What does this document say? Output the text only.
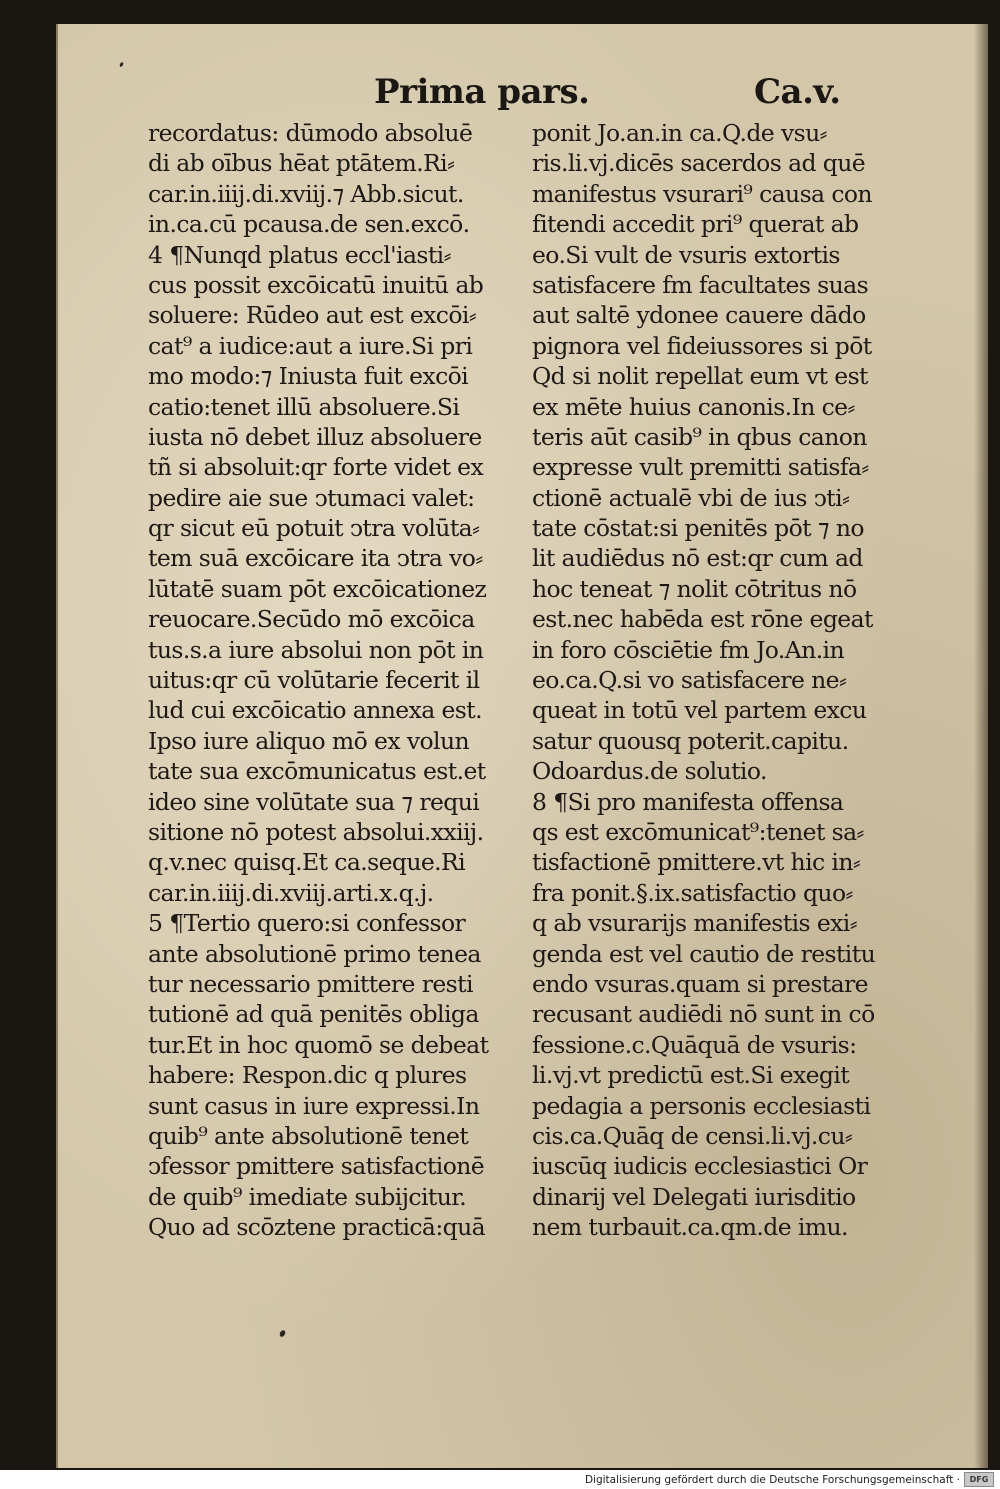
Prima pars.	Ca.v.
recordatus: dūmodo absoluē
di ab oībus hēat ptātem.Ri⸗
car.in.iiij.di.xviij.⁊ Abb.sicut.
in.ca.cū pcausa.de sen.excō.
4 ¶Nunqd platus eccl'iasti⸗
cus possit excōicatū inuitū ab
soluere: Rūdeo aut est excōi⸗
cat⁹ a iudice:aut a iure.Si pri
mo modo:⁊ Iniusta fuit excōi
catio:tenet illū absoluere.Si
iusta nō debet illuz absoluere
tñ si absoluit:qr forte videt ex
pedire aie sue ↄtumaci valet:
qr sicut eū potuit ↄtra volūta⸗
tem suā excōicare ita ↄtra vo⸗
lūtatē suam pōt excōicationez
reuocare.Secūdo mō excōica
tus.s.a iure absolui non pōt in
uitus:qr cū volūtarie fecerit il
lud cui excōicatio annexa est.
Ipso iure aliquo mō ex volun
tate sua excōmunicatus est.et
ideo sine volūtate sua ⁊ requi
sitione nō potest absolui.xxiij.
q.v.nec quisq.Et ca.seque.Ri
car.in.iiij.di.xviij.arti.x.q.j.
5 ¶Tertio quero:si confessor
ante absolutionē primo tenea
tur necessario pmittere resti
tutionē ad quā penitēs obliga
tur.Et in hoc quomō se debeat
habere: Respon.dic q plures
sunt casus in iure expressi.In
quib⁹ ante absolutionē tenet
ↄfessor pmittere satisfactionē
de quib⁹ imediate subijcitur.
Quo ad scōztene practicā:quā
ponit Jo.an.in ca.Q.de vsu⸗
ris.li.vj.dicēs sacerdos ad quē
manifestus vsurari⁹ causa con
fitendi accedit pri⁹ querat ab
eo.Si vult de vsuris extortis
satisfacere fm facultates suas
aut saltē ydonee cauere dādo
pignora vel fideiussores si pōt
Qd si nolit repellat eum vt est
ex mēte huius canonis.In ce⸗
teris aūt casib⁹ in qbus canon
expresse vult premitti satisfa⸗
ctionē actualē vbi de ius ↄti⸗
tate cōstat:si penitēs pōt ⁊ no
lit audiēdus nō est:qr cum ad
hoc teneat ⁊ nolit cōtritus nō
est.nec habēda est rōne egeat
in foro cōsciētie fm Jo.An.in
eo.ca.Q.si vo satisfacere ne⸗
queat in totū vel partem excu
satur quousq poterit.capitu.
Odoardus.de solutio.
8 ¶Si pro manifesta offensa
qs est excōmunicat⁹:tenet sa⸗
tisfactionē pmittere.vt hic in⸗
fra ponit.§.ix.satisfactio quo⸗
q ab vsurarijs manifestis exi⸗
genda est vel cautio de restitu
endo vsuras.quam si prestare
recusant audiēdi nō sunt in cō
fessione.c.Quāquā de vsuris:
li.vj.vt predictū est.Si exegit
pedagia a personis ecclesiasti
cis.ca.Quāq de censi.li.vj.cu⸗
iuscūq iudicis ecclesiastici Or
dinarij vel Delegati iurisditio
nem turbauit.ca.qm.de imu.
Digitalisierung gefördert durch die Deutsche Forschungsgemeinschaft ·	DFG
